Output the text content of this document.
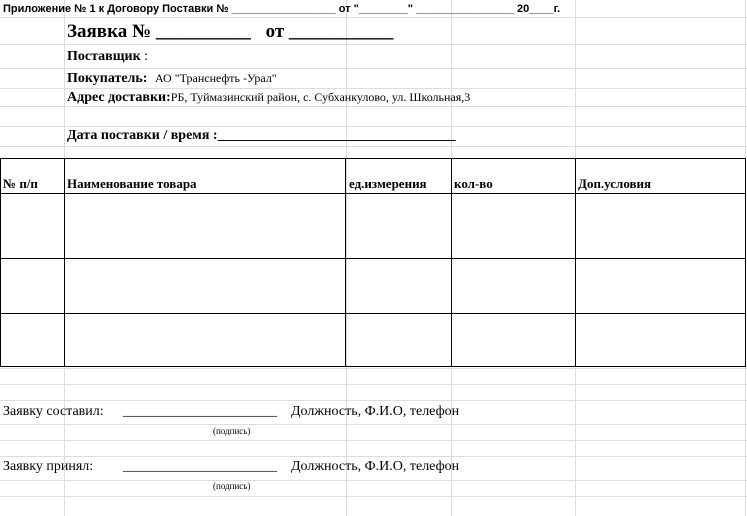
Приложение № 1 к Договору Поставки № _________________ от "________" ________________ 20____г.
Заявка № __________ от ___________
Поставщик :
Покупатель: АО "Транснефть -Урал"
Адрес доставки:РБ, Туймазинский район, с. Субханкулово, ул. Школьная,3
Дата поставки / время :__________________________________
№ п/п Наименование товара	ед.измерения кол-во	Доп.условия
Заявку составил: ______________________ Должность, Ф.И.О, телефон
(подпись)
Заявку принял: ______________________ Должность, Ф.И.О, телефон
(подпись)
